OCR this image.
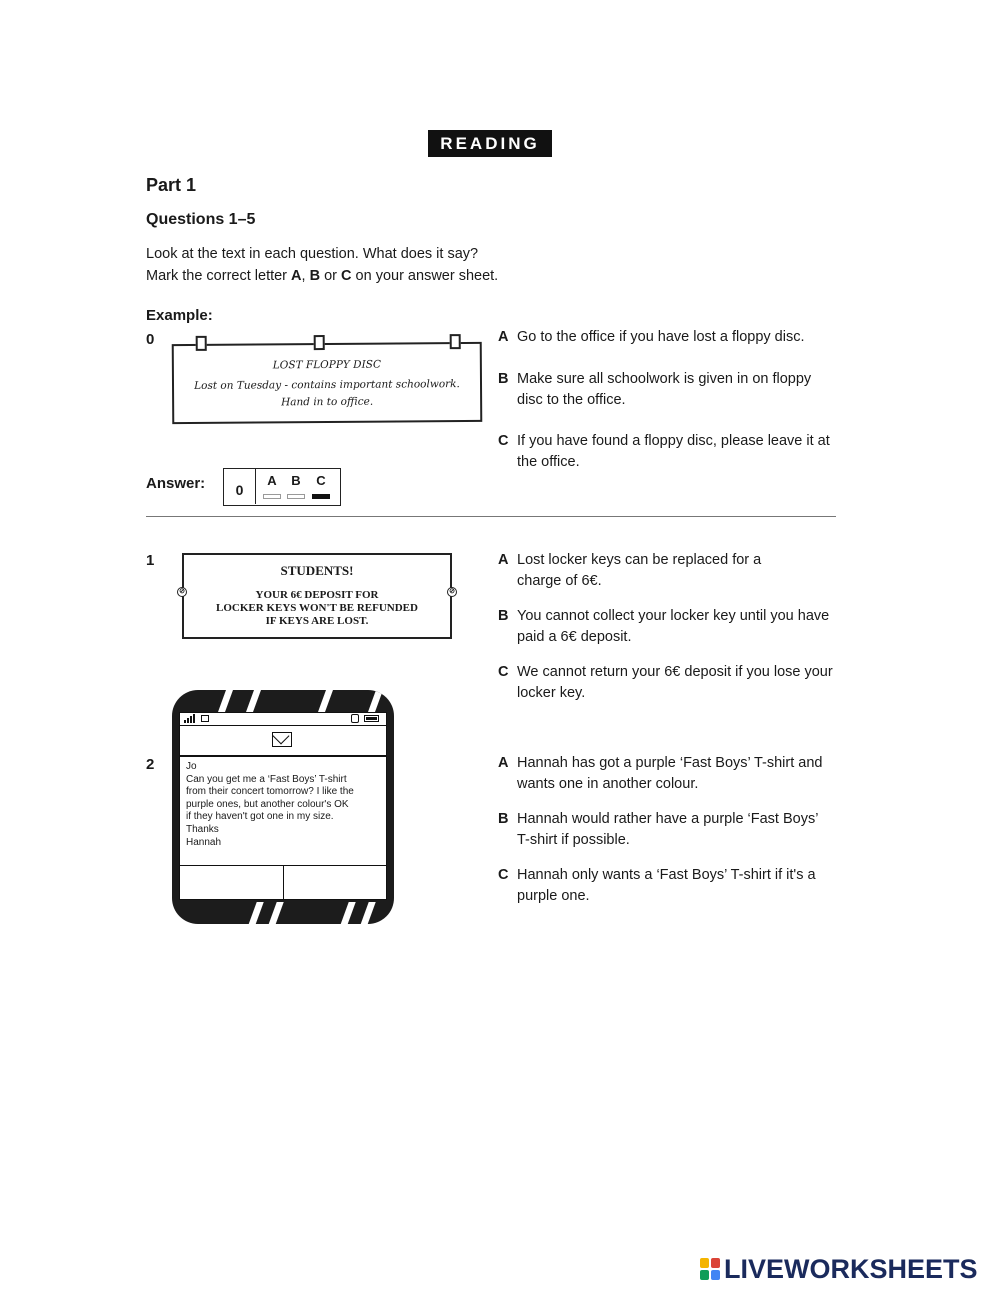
READING
Part 1
Questions 1–5
Look at the text in each question. What does it say?
Mark the correct letter A, B or C on your answer sheet.
Example:
0
LOST FLOPPY DISC
Lost on Tuesday - contains important schoolwork.
Hand in to office.
A Go to the office if you have lost a floppy disc.
B Make sure all schoolwork is given in on floppy disc to the office.
C If you have found a floppy disc, please leave it at the office.
Answer:	0
A B C
1
⊘	⊘
STUDENTS!
YOUR 6€ DEPOSIT FOR
LOCKER KEYS WON'T BE REFUNDED
IF KEYS ARE LOST.
A Lost locker keys can be replaced for a charge of 6€.
B You cannot collect your locker key until you have paid a 6€ deposit.
C We cannot return your 6€ deposit if you lose your locker key.
2	Jo
Can you get me a ‘Fast Boys’ T-shirt
from their concert tomorrow? I like the
purple ones, but another colour's OK
if they haven't got one in my size.
Thanks
Hannah
A Hannah has got a purple ‘Fast Boys’ T-shirt and wants one in another colour.
B Hannah would rather have a purple ‘Fast Boys’ T-shirt if possible.
C Hannah only wants a ‘Fast Boys’ T-shirt if it's a purple one.
LIVEWORKSHEETS
